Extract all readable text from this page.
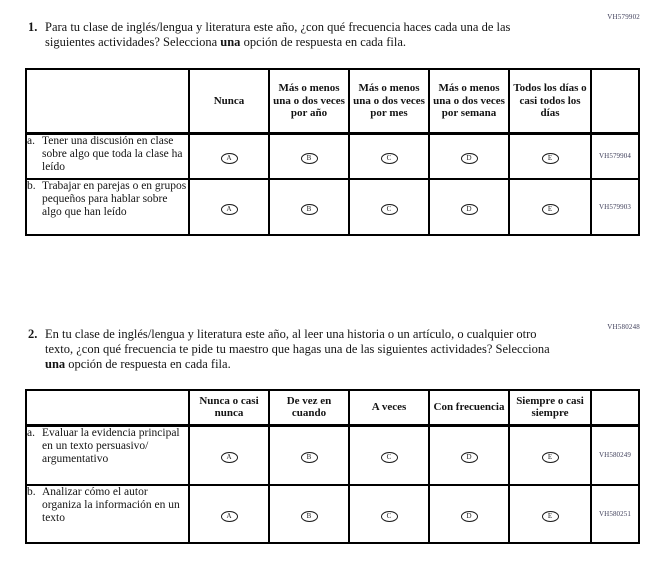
VH579902
VH580248
1. Para tu clase de inglés/lengua y literatura este año, ¿con qué frecuencia haces cada una de las siguientes actividades? Selecciona una opción de respuesta en cada fila.
	Nunca	Más o menos una o dos veces por año	Más o menos una o dos veces por mes	Más o menos una o dos veces por semana	Todos los días o casi todos los días	

a. Tener una discusión en clase sobre algo que toda la clase ha leído	A	B	C	D	E	VH579904

b. Trabajar en parejas o en grupos pequeños para hablar sobre algo que han leído	A	B	C	D	E	VH579903
2. En tu clase de inglés/lengua y literatura este año, al leer una historia o un artículo, o cualquier otro texto, ¿con qué frecuencia te pide tu maestro que hagas una de las siguientes actividades? Selecciona una opción de respuesta en cada fila.
	Nunca o casi nunca	De vez en cuando	A veces	Con frecuencia	Siempre o casi siempre	

a. Evaluar la evidencia principal en un texto persuasivo/ argumentativo	A	B	C	D	E	VH580249

b. Analizar cómo el autor organiza la información en un texto	A	B	C	D	E	VH580251
